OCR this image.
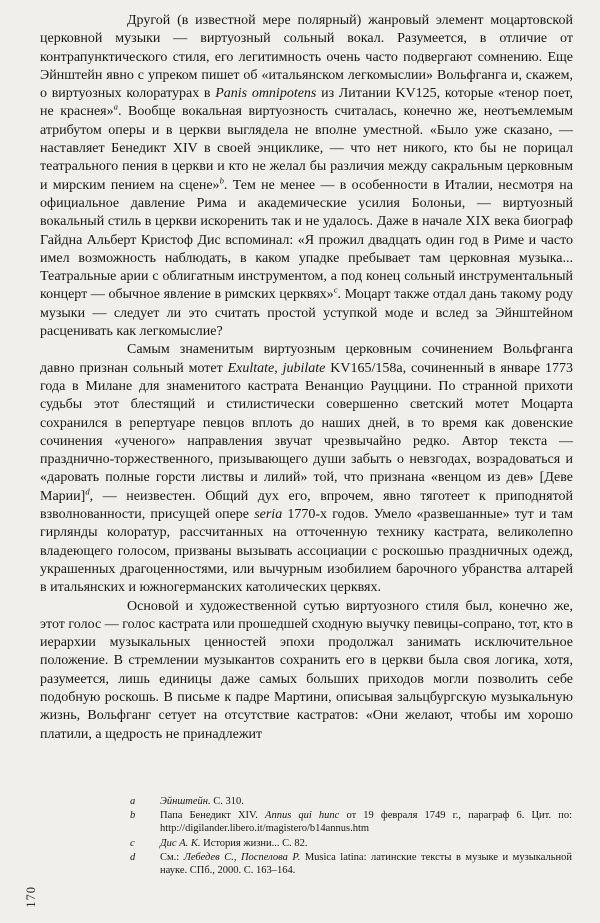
Другой (в известной мере полярный) жанровый элемент моцартовской церковной музыки — виртуозный сольный вокал. Разумеется, в отличие от контрапунктического стиля, его легитимность очень часто подвергают сомнению. Еще Эйнштейн явно с упреком пишет об «итальянском легкомыслии» Вольфганга и, скажем, о виртуозных колоратурах в Panis omnipotens из Литании KV125, которые «тенор поет, не краснея»$^a$. Вообще вокальная виртуозность считалась, конечно же, неотъемлемым атрибутом оперы и в церкви выглядела не вполне уместной. «Было уже сказано, — наставляет Бенедикт XIV в своей энциклике, — что нет никого, кто бы не порицал театрального пения в церкви и кто не желал бы различия между сакральным церковным и мирским пением на сцене»$^b$. Тем не менее — в особенности в Италии, несмотря на официальное давление Рима и академические усилия Болоньи, — виртуозный вокальный стиль в церкви искоренить так и не удалось. Даже в начале XIX века биограф Гайдна Альберт Кристоф Дис вспоминал: «Я прожил двадцать один год в Риме и часто имел возможность наблюдать, в каком упадке пребывает там церковная музыка... Театральные арии с облигатным инструментом, а под конец сольный инструментальный концерт — обычное явление в римских церквях»$^c$. Моцарт также отдал дань такому роду музыки — следует ли это считать простой уступкой моде и вслед за Эйнштейном расценивать как легкомыслие?

Самым знаменитым виртуозным церковным сочинением Вольфганга давно признан сольный мотет Exultate, jubilate KV165/158a, сочиненный в январе 1773 года в Милане для знаменитого кастрата Венанцио Рауццини. По странной прихоти судьбы этот блестящий и стилистически совершенно светский мотет Моцарта сохранился в репертуаре певцов вплоть до наших дней, в то время как довенские сочинения «ученого» направления звучат чрезвычайно редко. Автор текста — празднично-торжественного, призывающего души забыть о невзгодах, возрадоваться и «даровать полные горсти листвы и лилий» той, что признана «венцом из дев» [Деве Марии]$^d$, — неизвестен. Общий дух его, впрочем, явно тяготеет к приподнятой взволнованности, присущей опере seria 1770-х годов. Умело «развешанные» тут и там гирлянды колоратур, рассчитанных на отточенную технику кастрата, великолепно владеющего голосом, призваны вызывать ассоциации с роскошью праздничных одежд, украшенных драгоценностями, или вычурным изобилием барочного убранства алтарей в итальянских и южногерманских католических церквях.

Основой и художественной сутью виртуозного стиля был, конечно же, этот голос — голос кастрата или прошедшей сходную выучку певицы-сопрано, тот, кто в иерархии музыкальных ценностей эпохи продолжал занимать исключительное положение. В стремлении музыкантов сохранить его в церкви была своя логика, хотя, разумеется, лишь единицы даже самых больших приходов могли позволить себе подобную роскошь. В письме к падре Мартини, описывая зальцбургскую музыкальную жизнь, Вольфганг сетует на отсутствие кастратов: «Они желают, чтобы им хорошо платили, а щедрость не принадлежит

a	Эйнштейн. С. 310.
b	Папа Бенедикт XIV. Annus qui hunc от 19 февраля 1749 г., параграф 6. Цит. по: http://digilander.libero.it/magistero/b14annus.htm
c	Дис А. К. История жизни... С. 82.
d	См.: Лебедев С., Поспелова Р. Musica latina: латинские тексты в музыке и музыкальной науке. СПб., 2000. С. 163–164.
170
